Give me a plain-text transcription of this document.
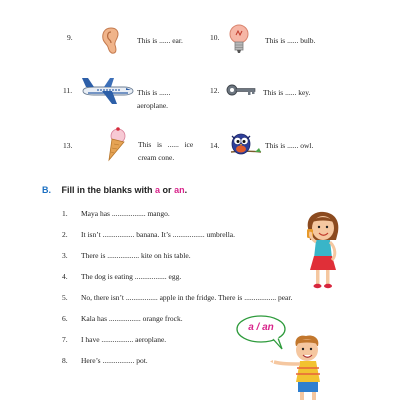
9.	This is ...... ear.	10.	This is ...... bulb.
11.	This is ......
aeroplane.
12.	This is ...... key.
13.	This   is   ......   ice
cream cone.
14.	This is ...... owl.
B. Fill in the blanks with a or an.
1. Maya has .................. mango.
2. It isn’t ................. banana. It’s ................. umbrella.
3. There is ................. kite on his table.
4. The dog is eating ................. egg.
5. No, there isn’t ................. apple in the fridge. There is ................. pear.
6. Kala has ................. orange frock.
7. I have ................. aeroplane.
8. Here’s ................. pot.
a / an
